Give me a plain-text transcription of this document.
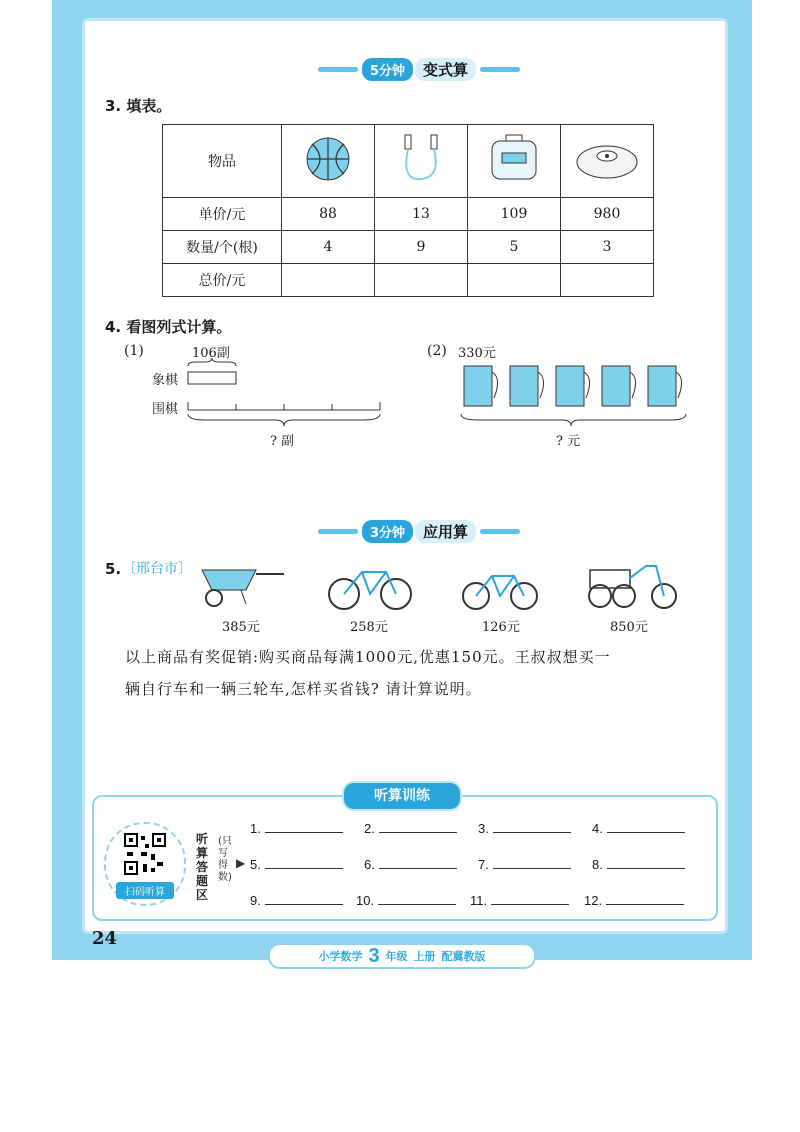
5分钟	变式算
3. 填表。
物品				
单价/元	88	13	109	980
数量/个(根)	4	9	5	3
总价/元				
4. 看图列式计算。
(1)	106副
象棋
围棋
? 副
(2) 330元
? 元
3分钟	应用算
5. 〔邢台市〕
385元	258元	126元	850元
以上商品有奖促销:购买商品每满1000元,优惠150元。王叔叔想买一
辆自行车和一辆三轮车,怎样买省钱? 请计算说明。
听算训练
扫码听算
听算答题区
(只写得数)
▶
1.	2.	3.	4.
5.	6.	7.	8.
9.	10.	11.	12.
24
小学数学 3 年级 上册 配冀教版
